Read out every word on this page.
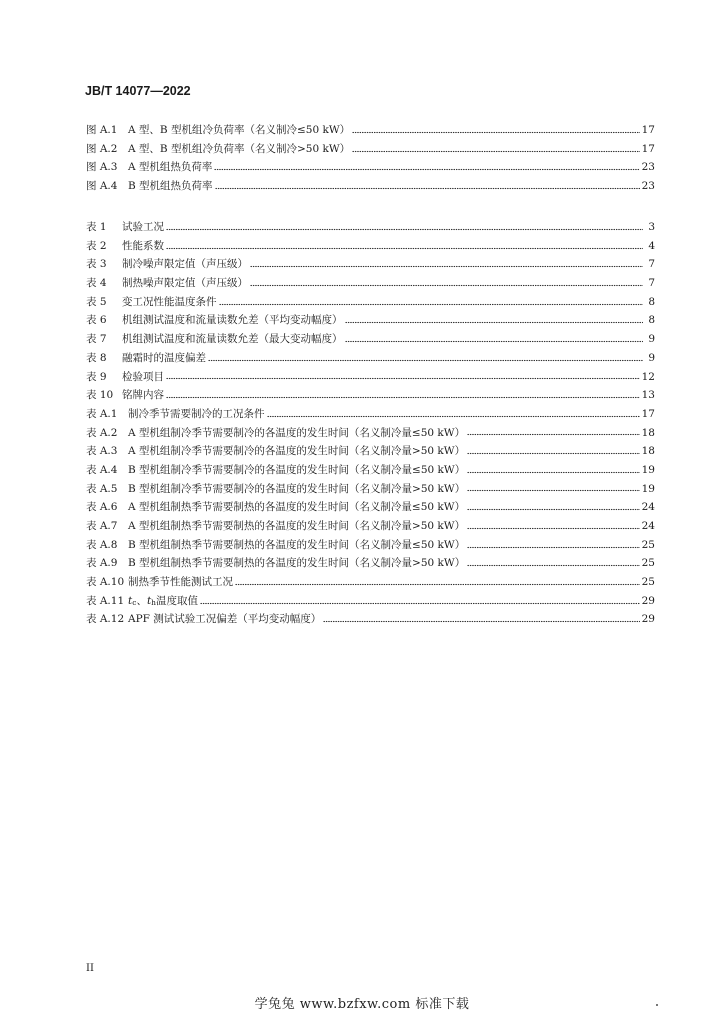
JB/T 14077—2022
图 A.1	A 型、B 型机组冷负荷率（名义制冷≤50 kW）	17
图 A.2	A 型、B 型机组冷负荷率（名义制冷>50 kW）	17
图 A.3	A 型机组热负荷率	23
图 A.4	B 型机组热负荷率	23
表 1	试验工况	3
表 2	性能系数	4
表 3	制冷噪声限定值（声压级）	7
表 4	制热噪声限定值（声压级）	7
表 5	变工况性能温度条件	8
表 6	机组测试温度和流量读数允差（平均变动幅度）	8
表 7	机组测试温度和流量读数允差（最大变动幅度）	9
表 8	融霜时的温度偏差	9
表 9	检验项目	12
表 10 铭牌内容	13
表 A.1	制冷季节需要制冷的工况条件	17
表 A.2	A 型机组制冷季节需要制冷的各温度的发生时间（名义制冷量≤50 kW）	18
表 A.3	A 型机组制冷季节需要制冷的各温度的发生时间（名义制冷量>50 kW）	18
表 A.4	B 型机组制冷季节需要制冷的各温度的发生时间（名义制冷量≤50 kW）	19
表 A.5	B 型机组制冷季节需要制冷的各温度的发生时间（名义制冷量>50 kW）	19
表 A.6	A 型机组制热季节需要制热的各温度的发生时间（名义制冷量≤50 kW）	24
表 A.7	A 型机组制热季节需要制热的各温度的发生时间（名义制冷量>50 kW）	24
表 A.8	B 型机组制热季节需要制热的各温度的发生时间（名义制冷量≤50 kW）	25
表 A.9	B 型机组制热季节需要制热的各温度的发生时间（名义制冷量>50 kW）	25
表 A.10 制热季节性能测试工况	25
表 A.11 $t_c$、$t_h$温度取值	29
表 A.12 APF 测试试验工况偏差（平均变动幅度）	29
II
学兔兔 www.bzfxw.com 标准下载
